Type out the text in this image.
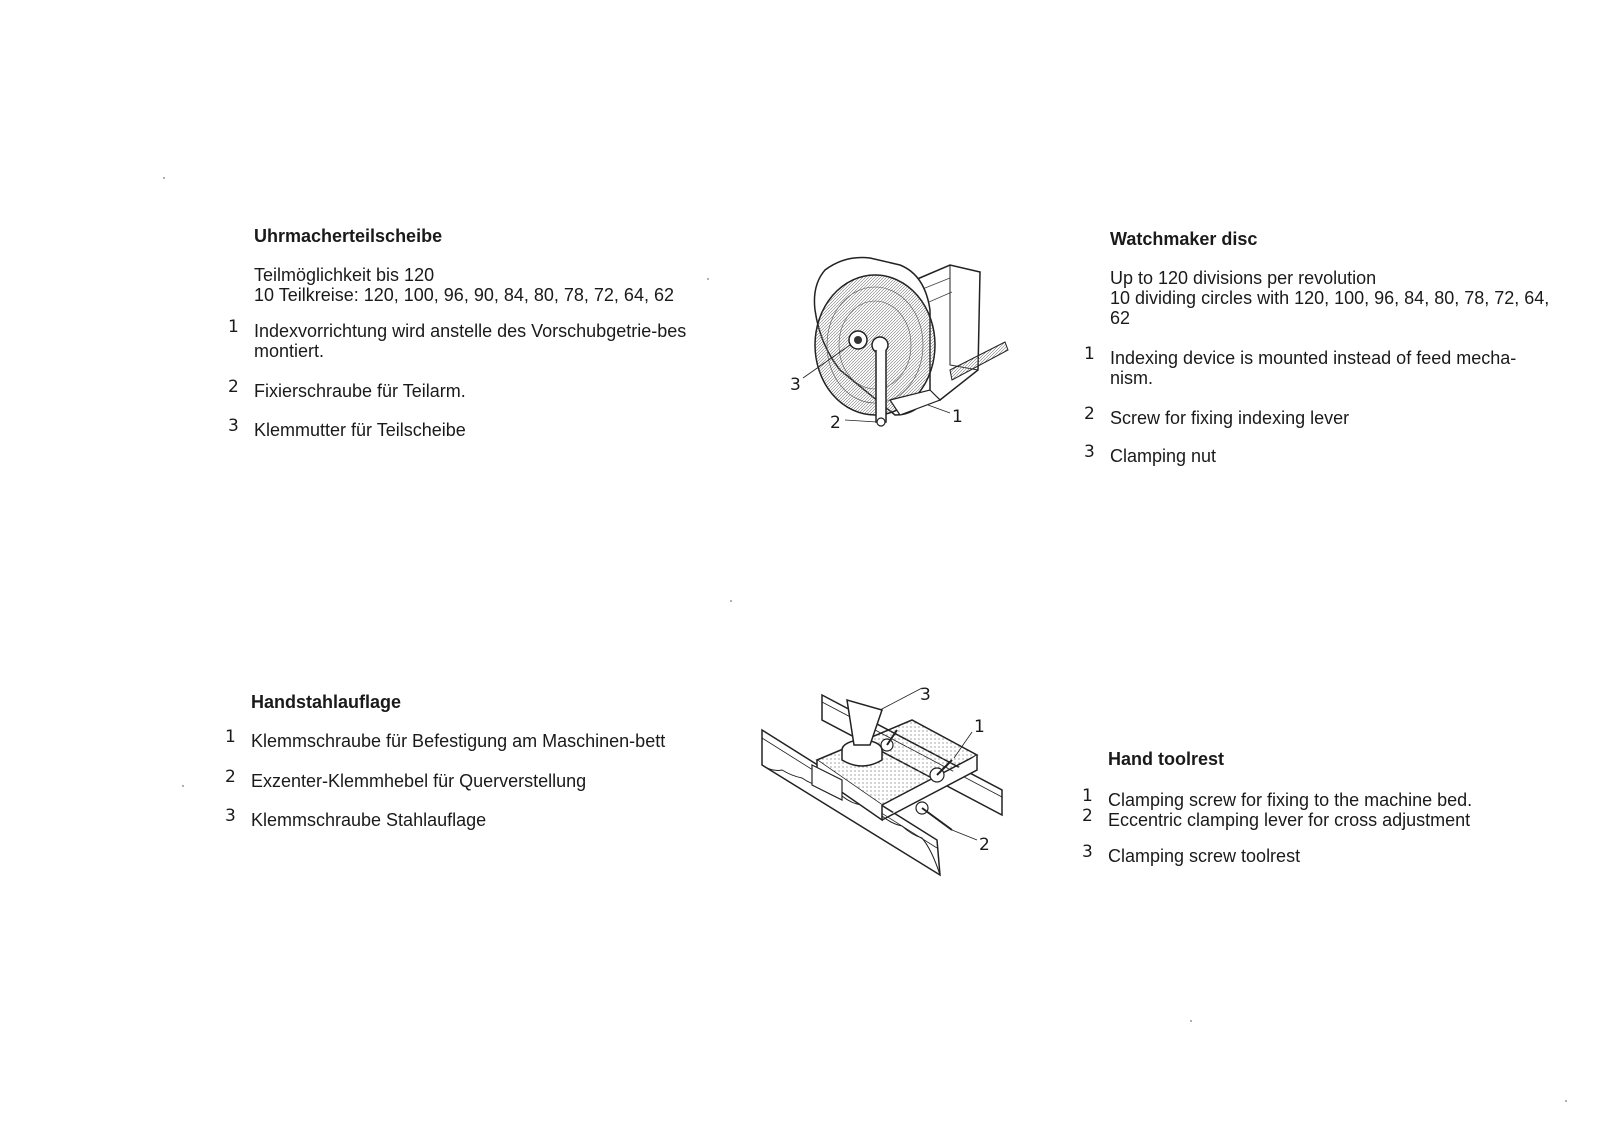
Uhrmacherteilscheibe

Teilmöglichkeit bis 120

10 Teilkreise: 120, 100, 96, 90, 84, 80, 78, 72, 64, 62

1 Indexvorrichtung wird anstelle des Vorschubgetrie-bes montiert.
2 Fixierschraube für Teilarm.
3 Klemmutter für Teilscheibe

Watchmaker disc

Up to 120 divisions per revolution

10 dividing circles with 120, 100, 96, 84, 80, 78, 72, 64, 62

1 Indexing device is mounted instead of feed mecha-nism.
2 Screw for fixing indexing lever
3 Clamping nut

Handstahlauflage

1 Klemmschraube für Befestigung am Maschinen-bett
2 Exzenter-Klemmhebel für Querverstellung
3 Klemmschraube Stahlauflage

Hand toolrest

1 Clamping screw for fixing to the machine bed.
2 Eccentric clamping lever for cross adjustment
3 Clamping screw toolrest
3
2	1
3
1
2
